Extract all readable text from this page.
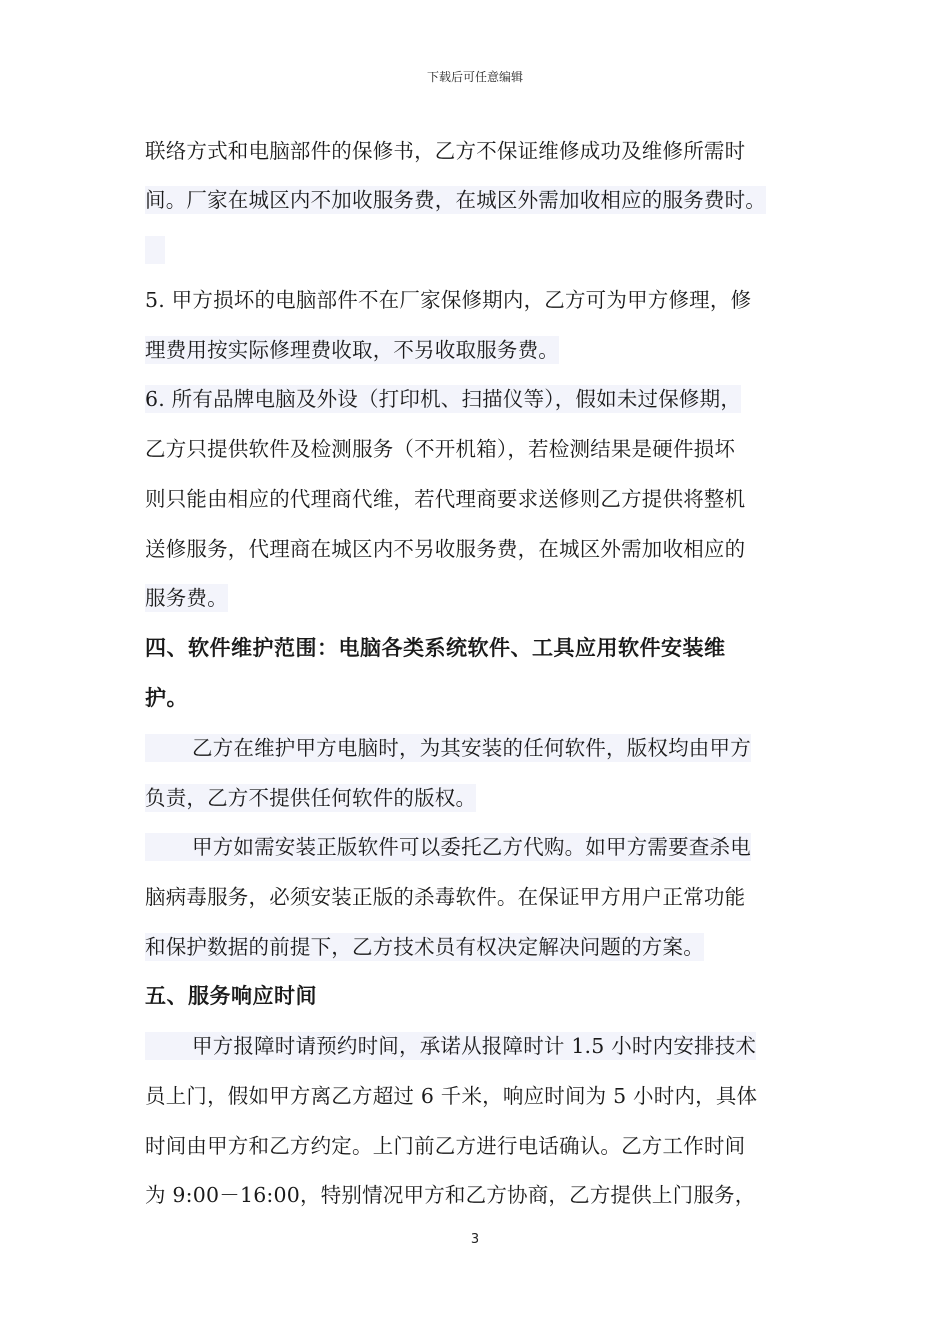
下载后可任意编辑
联络方式和电脑部件的保修书，乙方不保证维修成功及维修所需时
间。厂家在城区内不加收服务费，在城区外需加收相应的服务费时。
5. 甲方损坏的电脑部件不在厂家保修期内，乙方可为甲方修理，修
理费用按实际修理费收取，不另收取服务费。
6. 所有品牌电脑及外设（打印机、扫描仪等），假如未过保修期，
乙方只提供软件及检测服务（不开机箱），若检测结果是硬件损坏
则只能由相应的代理商代维，若代理商要求送修则乙方提供将整机
送修服务，代理商在城区内不另收服务费，在城区外需加收相应的
服务费。
四、软件维护范围：电脑各类系统软件、工具应用软件安装维
护。
乙方在维护甲方电脑时，为其安装的任何软件，版权均由甲方
负责，乙方不提供任何软件的版权。
甲方如需安装正版软件可以委托乙方代购。如甲方需要查杀电
脑病毒服务，必须安装正版的杀毒软件。在保证甲方用户正常功能
和保护数据的前提下，乙方技术员有权决定解决问题的方案。
五、服务响应时间
甲方报障时请预约时间，承诺从报障时计 1.5 小时内安排技术
员上门，假如甲方离乙方超过 6 千米，响应时间为 5 小时内，具体
时间由甲方和乙方约定。上门前乙方进行电话确认。乙方工作时间
为 9:00－16:00，特别情况甲方和乙方协商，乙方提供上门服务，
3
